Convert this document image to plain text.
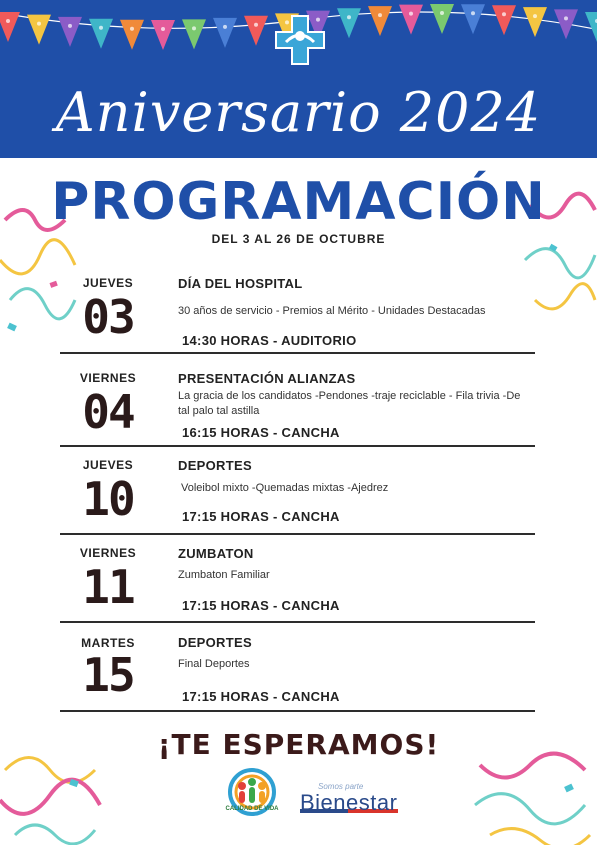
Aniversario 2024
PROGRAMACIÓN
DEL 3 AL 26 DE OCTUBRE
JUEVES
03
DÍA DEL HOSPITAL
30 años de servicio - Premios al Mérito - Unidades Destacadas
14:30 HORAS - AUDITORIO
VIERNES
04
PRESENTACIÓN ALIANZAS
La gracia de los candidatos -Pendones -traje reciclable - Fila trivia -De tal palo tal astilla
16:15 HORAS - CANCHA
JUEVES
10
DEPORTES
Voleibol mixto -Quemadas mixtas -Ajedrez
17:15 HORAS - CANCHA
VIERNES
11
ZUMBATON
Zumbaton Familiar
17:15 HORAS - CANCHA
MARTES
15
DEPORTES
Final Deportes
17:15 HORAS - CANCHA
¡TE ESPERAMOS!
CALIDAD DE VIDA
Somos parte
Bienestar
